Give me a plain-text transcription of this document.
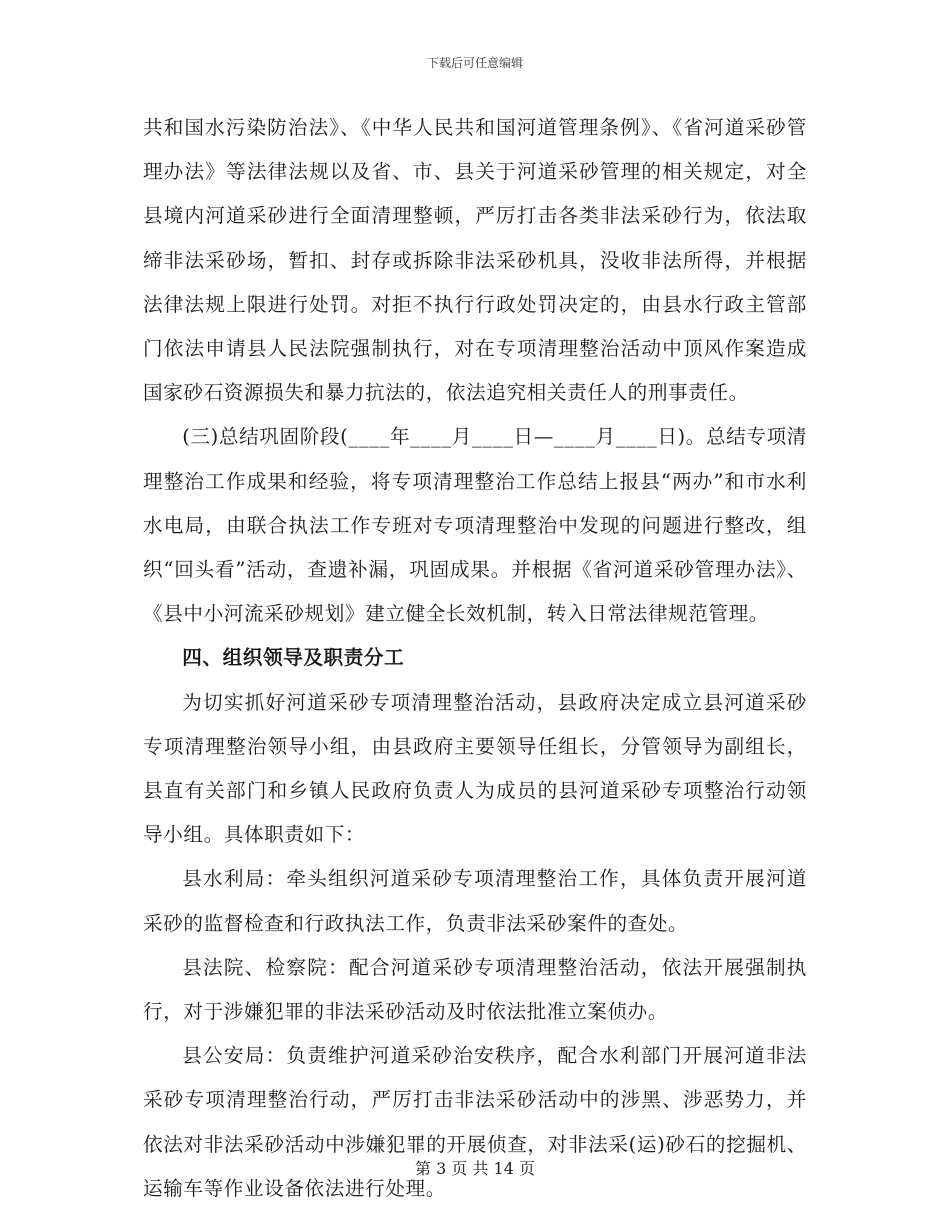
下载后可任意编辑

共和国水污染防治法》、《中华人民共和国河道管理条例》、《省河道采砂管理办法》等法律法规以及省、市、县关于河道采砂管理的相关规定，对全县境内河道采砂进行全面清理整顿，严厉打击各类非法采砂行为，依法取缔非法采砂场，暂扣、封存或拆除非法采砂机具，没收非法所得，并根据法律法规上限进行处罚。对拒不执行行政处罚决定的，由县水行政主管部门依法申请县人民法院强制执行，对在专项清理整治活动中顶风作案造成国家砂石资源损失和暴力抗法的，依法追究相关责任人的刑事责任。

(三)总结巩固阶段(____年____月____日—____月____日)。总结专项清理整治工作成果和经验，将专项清理整治工作总结上报县“两办”和市水利水电局，由联合执法工作专班对专项清理整治中发现的问题进行整改，组织“回头看”活动，查遗补漏，巩固成果。并根据《省河道采砂管理办法》、《县中小河流采砂规划》建立健全长效机制，转入日常法律规范管理。

四、组织领导及职责分工

为切实抓好河道采砂专项清理整治活动，县政府决定成立县河道采砂专项清理整治领导小组，由县政府主要领导任组长，分管领导为副组长，县直有关部门和乡镇人民政府负责人为成员的县河道采砂专项整治行动领导小组。具体职责如下：

县水利局：牵头组织河道采砂专项清理整治工作，具体负责开展河道采砂的监督检查和行政执法工作，负责非法采砂案件的查处。

县法院、检察院：配合河道采砂专项清理整治活动，依法开展强制执行，对于涉嫌犯罪的非法采砂活动及时依法批准立案侦办。

县公安局：负责维护河道采砂治安秩序，配合水利部门开展河道非法采砂专项清理整治行动，严厉打击非法采砂活动中的涉黑、涉恶势力，并依法对非法采砂活动中涉嫌犯罪的开展侦查，对非法采(运)砂石的挖掘机、运输车等作业设备依法进行处理。

第 3 页 共 14 页
